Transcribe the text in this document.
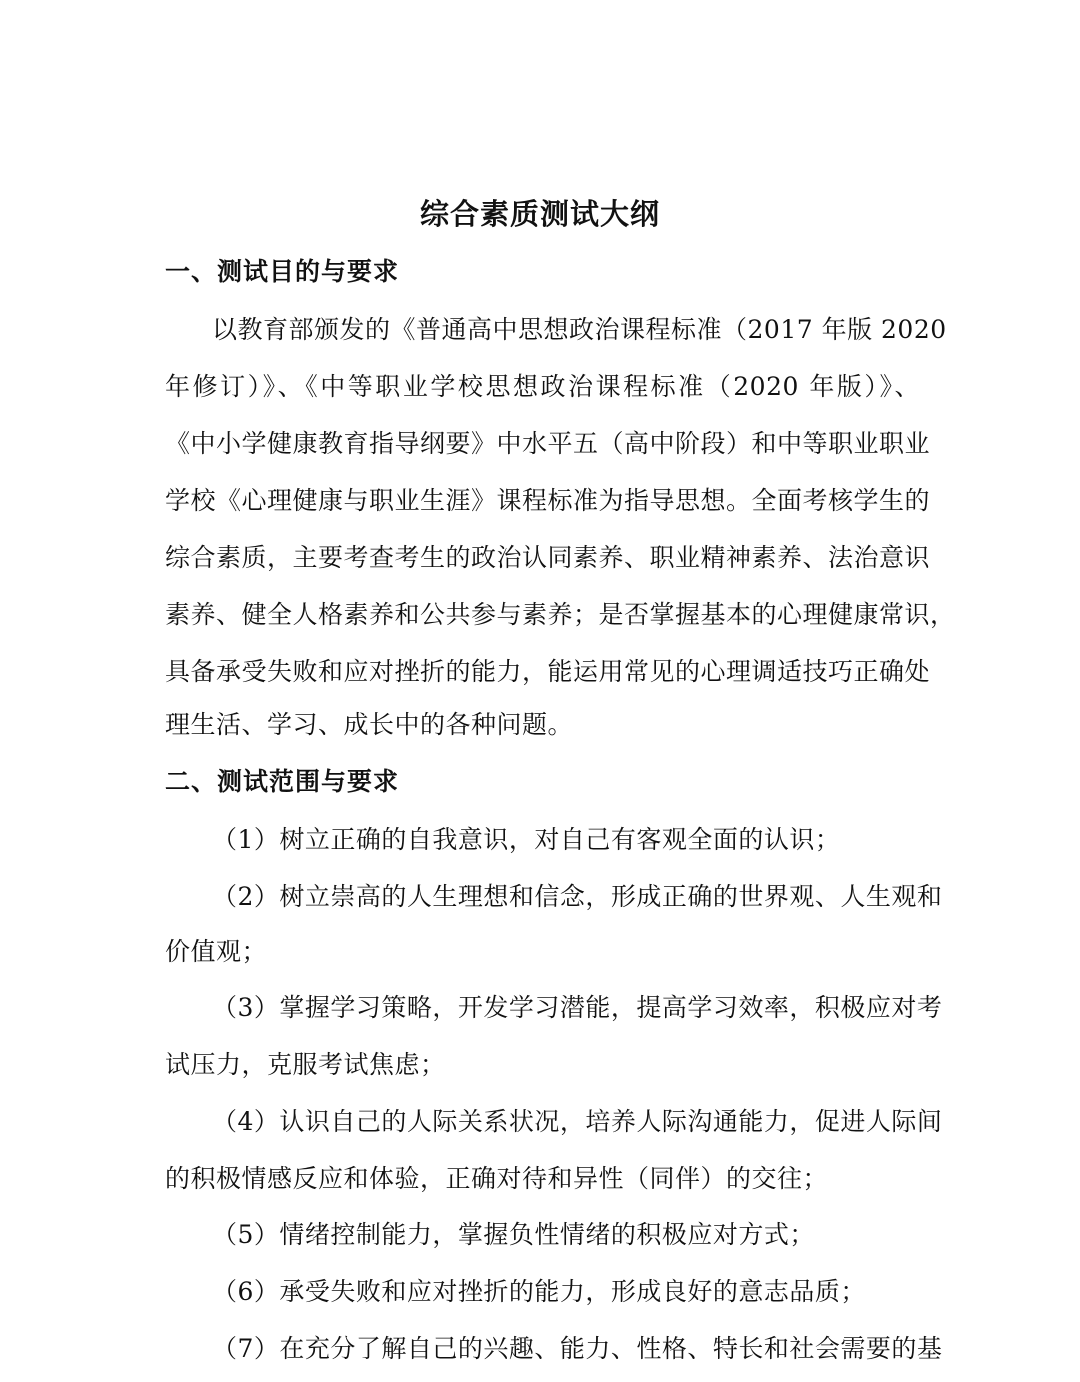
综合素质测试大纲
一、测试目的与要求
以教育部颁发的《普通高中思想政治课程标准（2017 年版 2020
年修订）》、《中等职业学校思想政治课程标准（2020 年版）》、
《中小学健康教育指导纲要》中水平五（高中阶段）和中等职业职业
学校《心理健康与职业生涯》课程标准为指导思想。全面考核学生的
综合素质，主要考查考生的政治认同素养、职业精神素养、法治意识
素养、健全人格素养和公共参与素养；是否掌握基本的心理健康常识，
具备承受失败和应对挫折的能力，能运用常见的心理调适技巧正确处
理生活、学习、成长中的各种问题。
二、测试范围与要求
（1）树立正确的自我意识，对自己有客观全面的认识；
（2）树立崇高的人生理想和信念，形成正确的世界观、人生观和
价值观；
（3）掌握学习策略，开发学习潜能，提高学习效率，积极应对考
试压力，克服考试焦虑；
（4）认识自己的人际关系状况，培养人际沟通能力，促进人际间
的积极情感反应和体验，正确对待和异性（同伴）的交往；
（5）情绪控制能力，掌握负性情绪的积极应对方式；
（6）承受失败和应对挫折的能力，形成良好的意志品质；
（7）在充分了解自己的兴趣、能力、性格、特长和社会需要的基
